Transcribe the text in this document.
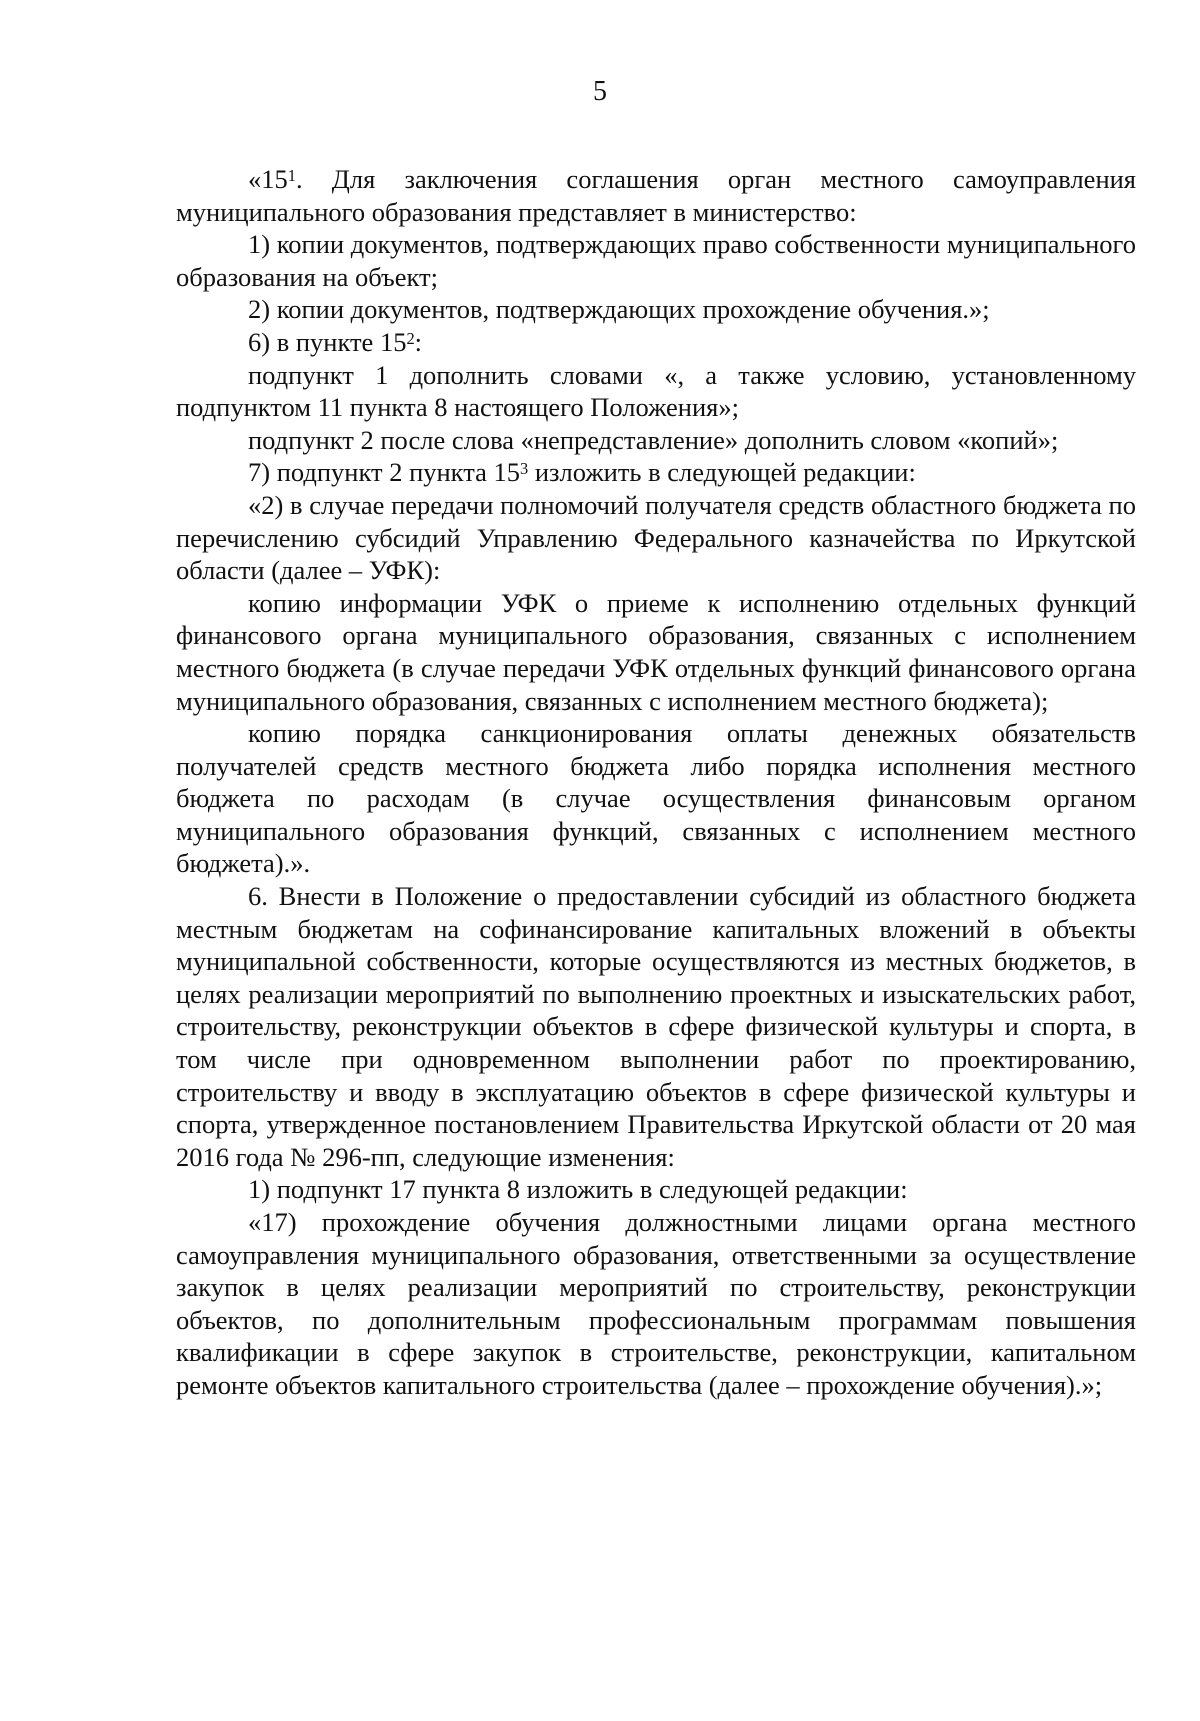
5

«$15^1$. Для заключения соглашения орган местного самоуправления муниципального образования представляет в министерство:

1) копии документов, подтверждающих право собственности муниципального образования на объект;

2) копии документов, подтверждающих прохождение обучения.»;

6) в пункте $15^2$:

подпункт 1 дополнить словами «, а также условию, установленному подпунктом 11 пункта 8 настоящего Положения»;

подпункт 2 после слова «непредставление» дополнить словом «копий»;

7) подпункт 2 пункта $15^3$ изложить в следующей редакции:

«2) в случае передачи полномочий получателя средств областного бюджета по перечислению субсидий Управлению Федерального казначейства по Иркутской области (далее – УФК):

копию информации УФК о приеме к исполнению отдельных функций финансового органа муниципального образования, связанных с исполнением местного бюджета (в случае передачи УФК отдельных функций финансового органа муниципального образования, связанных с исполнением местного бюджета);

копию порядка санкционирования оплаты денежных обязательств получателей средств местного бюджета либо порядка исполнения местного бюджета по расходам (в случае осуществления финансовым органом муниципального образования функций, связанных с исполнением местного бюджета).».

6. Внести в Положение о предоставлении субсидий из областного бюджета местным бюджетам на софинансирование капитальных вложений в объекты муниципальной собственности, которые осуществляются из местных бюджетов, в целях реализации мероприятий по выполнению проектных и изыскательских работ, строительству, реконструкции объектов в сфере физической культуры и спорта, в том числе при одновременном выполнении работ по проектированию, строительству и вводу в эксплуатацию объектов в сфере физической культуры и спорта, утвержденное постановлением Правительства Иркутской области от 20 мая 2016 года № 296-пп, следующие изменения:

1) подпункт 17 пункта 8 изложить в следующей редакции:

«17) прохождение обучения должностными лицами органа местного самоуправления муниципального образования, ответственными за осуществление закупок в целях реализации мероприятий по строительству, реконструкции объектов, по дополнительным профессиональным программам повышения квалификации в сфере закупок в строительстве, реконструкции, капитальном ремонте объектов капитального строительства (далее – прохождение обучения).»;
